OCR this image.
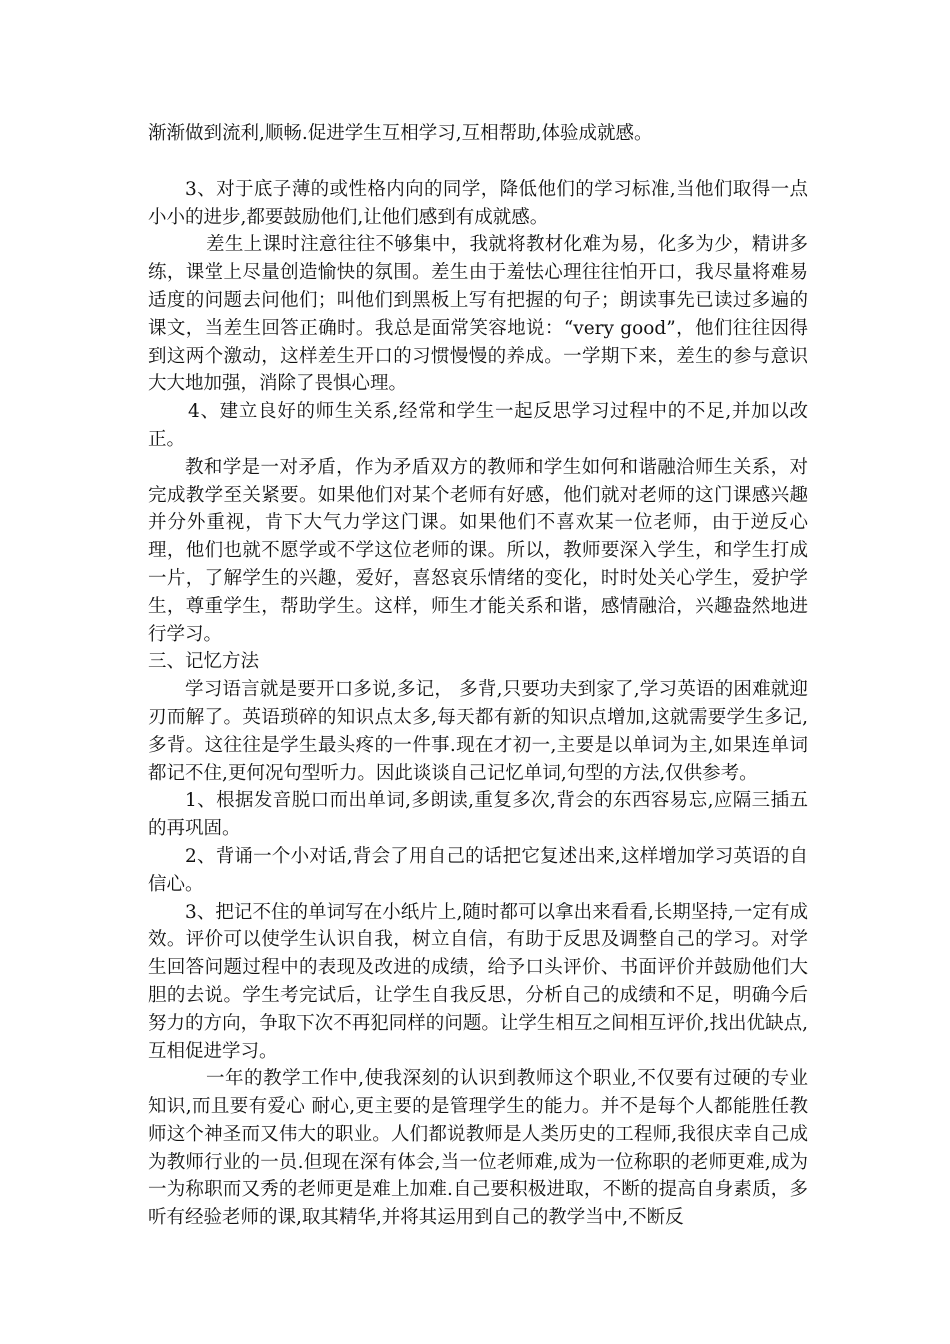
渐渐做到流利,顺畅.促进学生互相学习,互相帮助,体验成就感。

3、对于底子薄的或性格内向的同学，降低他们的学习标准,当他们取得一点小小的进步,都要鼓励他们,让他们感到有成就感。

差生上课时注意往往不够集中，我就将教材化难为易，化多为少，精讲多练，课堂上尽量创造愉快的氛围。差生由于羞怯心理往往怕开口，我尽量将难易适度的问题去问他们；叫他们到黑板上写有把握的句子；朗读事先已读过多遍的课文，当差生回答正确时。我总是面常笑容地说：“very good”，他们往往因得到这两个激动，这样差生开口的习惯慢慢的养成。一学期下来，差生的参与意识大大地加强，消除了畏惧心理。

4、建立良好的师生关系,经常和学生一起反思学习过程中的不足,并加以改正。

教和学是一对矛盾，作为矛盾双方的教师和学生如何和谐融洽师生关系，对完成教学至关紧要。如果他们对某个老师有好感，他们就对老师的这门课感兴趣并分外重视，肯下大气力学这门课。如果他们不喜欢某一位老师，由于逆反心理，他们也就不愿学或不学这位老师的课。所以，教师要深入学生，和学生打成一片，了解学生的兴趣，爱好，喜怒哀乐情绪的变化，时时处关心学生，爱护学生，尊重学生，帮助学生。这样，师生才能关系和谐，感情融洽，兴趣盎然地进行学习。

三、记忆方法

学习语言就是要开口多说,多记， 多背,只要功夫到家了,学习英语的困难就迎刃而解了。英语琐碎的知识点太多,每天都有新的知识点增加,这就需要学生多记,多背。这往往是学生最头疼的一件事.现在才初一,主要是以单词为主,如果连单词都记不住,更何况句型听力。因此谈谈自己记忆单词,句型的方法,仅供参考。

1、根据发音脱口而出单词,多朗读,重复多次,背会的东西容易忘,应隔三插五的再巩固。

2、背诵一个小对话,背会了用自己的话把它复述出来,这样增加学习英语的自信心。

3、把记不住的单词写在小纸片上,随时都可以拿出来看看,长期坚持,一定有成效。评价可以使学生认识自我，树立自信，有助于反思及调整自己的学习。对学生回答问题过程中的表现及改进的成绩，给予口头评价、书面评价并鼓励他们大胆的去说。学生考完试后，让学生自我反思，分析自己的成绩和不足，明确今后努力的方向，争取下次不再犯同样的问题。让学生相互之间相互评价,找出优缺点,互相促进学习。

一年的教学工作中,使我深刻的认识到教师这个职业,不仅要有过硬的专业知识,而且要有爱心 耐心,更主要的是管理学生的能力。并不是每个人都能胜任教师这个神圣而又伟大的职业。人们都说教师是人类历史的工程师,我很庆幸自己成为教师行业的一员.但现在深有体会,当一位老师难,成为一位称职的老师更难,成为一为称职而又秀的老师更是难上加难.自己要积极进取，不断的提高自身素质，多听有经验老师的课,取其精华,并将其运用到自己的教学当中,不断反
